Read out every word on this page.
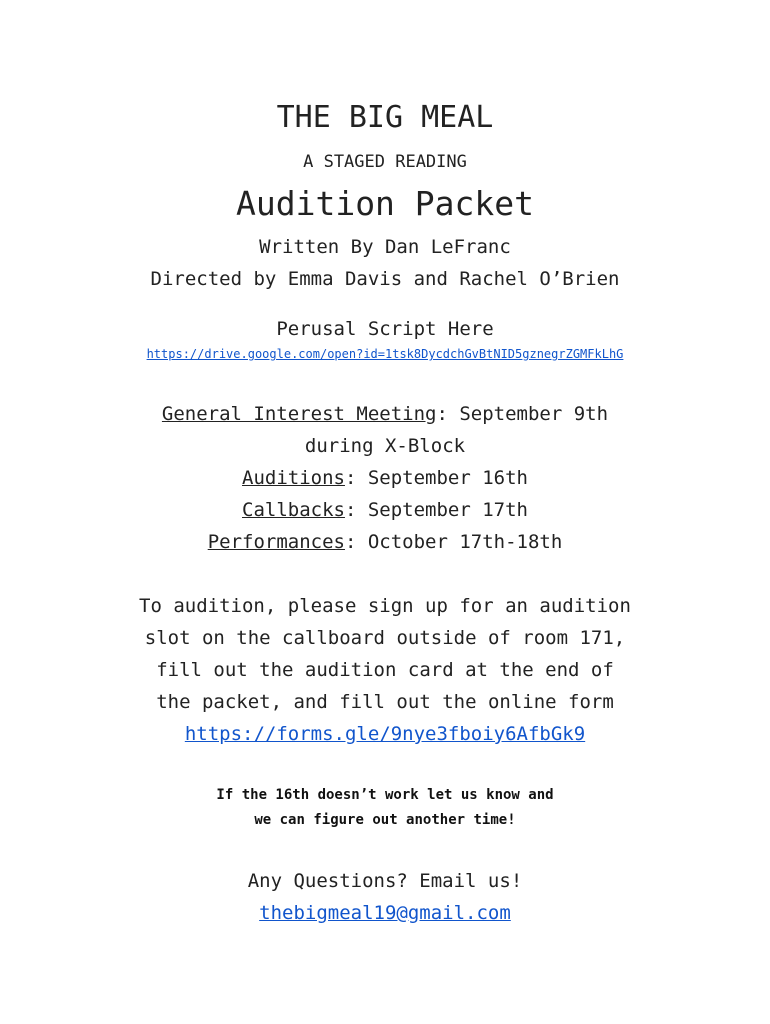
THE BIG MEAL
A STAGED READING
Audition Packet
Written By Dan LeFranc
Directed by Emma Davis and Rachel O’Brien
Perusal Script Here
https://drive.google.com/open?id=1tsk8DycdchGvBtNID5gznegrZGMFkLhG
General Interest Meeting: September 9th
during X-Block
Auditions: September 16th
Callbacks: September 17th
Performances: October 17th-18th
To audition, please sign up for an audition
slot on the callboard outside of room 171,
fill out the audition card at the end of
the packet, and fill out the online form
https://forms.gle/9nye3fboiy6AfbGk9
If the 16th doesn’t work let us know and
we can figure out another time!
Any Questions? Email us!
thebigmeal19@gmail.com
